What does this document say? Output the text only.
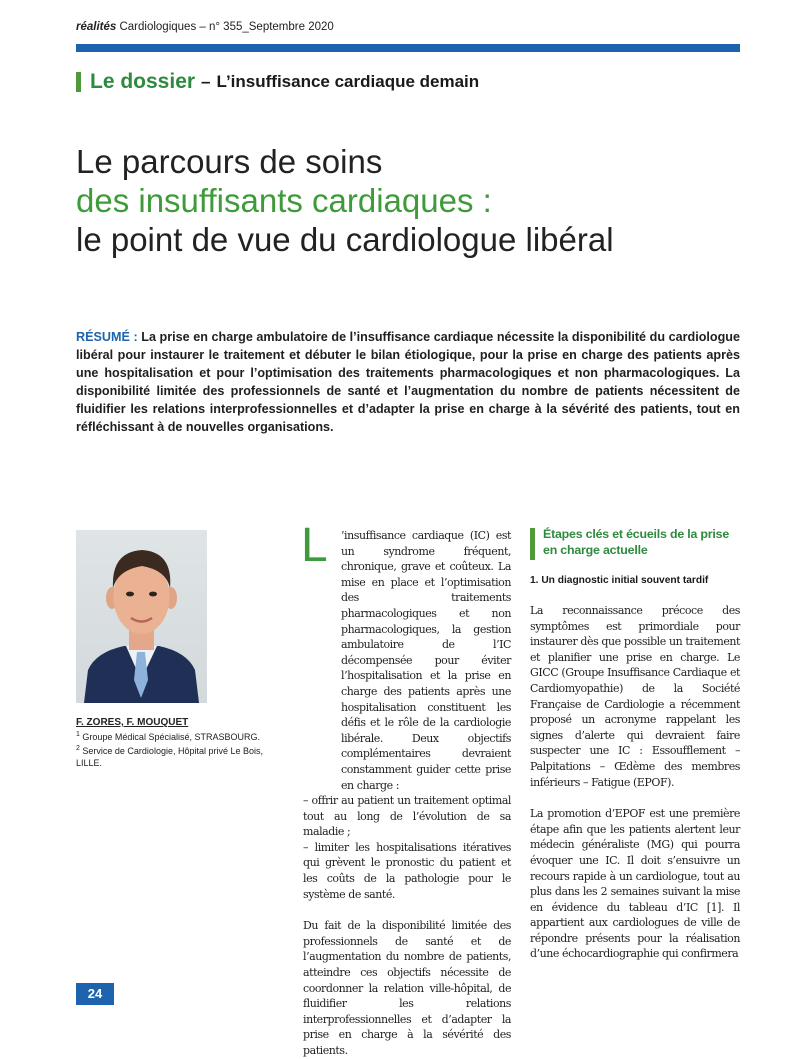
réalités Cardiologiques – n° 355_Septembre 2020
Le dossier – L’insuffisance cardiaque demain
Le parcours de soins
des insuffisants cardiaques :
le point de vue du cardiologue libéral
RÉSUMÉ : La prise en charge ambulatoire de l’insuffisance cardiaque nécessite la disponibilité du cardiologue libéral pour instaurer le traitement et débuter le bilan étiologique, pour la prise en charge des patients après une hospitalisation et pour l’optimisation des traitements pharmacologiques et non pharmacologiques. La disponibilité limitée des professionnels de santé et l’augmentation du nombre de patients nécessitent de fluidifier les relations interprofessionnelles et d’adapter la prise en charge à la sévérité des patients, tout en réfléchissant à de nouvelles organisations.
F. ZORES, F. MOUQUET
$^1$ Groupe Médical Spécialisé, STRASBOURG.
$^2$ Service de Cardiologie, Hôpital privé Le Bois, LILLE.
L	’insuffisance cardiaque (IC) est un syndrome fréquent, chronique, grave et coûteux. La mise en place et l’optimisation des traitements pharmacologiques et non pharmacologiques, la gestion ambulatoire de l’IC décompensée pour éviter l’hospitalisation et la prise en charge des patients après une hospitalisation constituent les défis et le rôle de la cardiologie libérale. Deux objectifs complémentaires devraient constamment guider cette prise en charge :

– offrir au patient un traitement optimal tout au long de l’évolution de sa maladie ;

– limiter les hospitalisations itératives qui grèvent le pronostic du patient et les coûts de la pathologie pour le système de santé.

Du fait de la disponibilité limitée des professionnels de santé et de l’augmentation du nombre de patients, atteindre ces objectifs nécessite de coordonner la relation ville-hôpital, de fluidifier les relations interprofessionnelles et d’adapter la prise en charge à la sévérité des patients.

Étapes clés et écueils de la prise en charge actuelle
1. Un diagnostic initial souvent tardif

La reconnaissance précoce des symptômes est primordiale pour instaurer dès que possible un traitement et planifier une prise en charge. Le GICC (Groupe Insuffisance Cardiaque et Cardiomyopathie) de la Société Française de Cardiologie a récemment proposé un acronyme rappelant les signes d’alerte qui devraient faire suspecter une IC : Essoufflement – Palpitations – Œdème des membres inférieurs – Fatigue (EPOF).

La promotion d’EPOF est une première étape afin que les patients alertent leur médecin généraliste (MG) qui pourra évoquer une IC. Il doit s’ensuivre un recours rapide à un cardiologue, tout au plus dans les 2 semaines suivant la mise en évidence du tableau d’IC [1]. Il appartient aux cardiologues de ville de répondre présents pour la réalisation d’une échocardiographie qui confirmera

24
